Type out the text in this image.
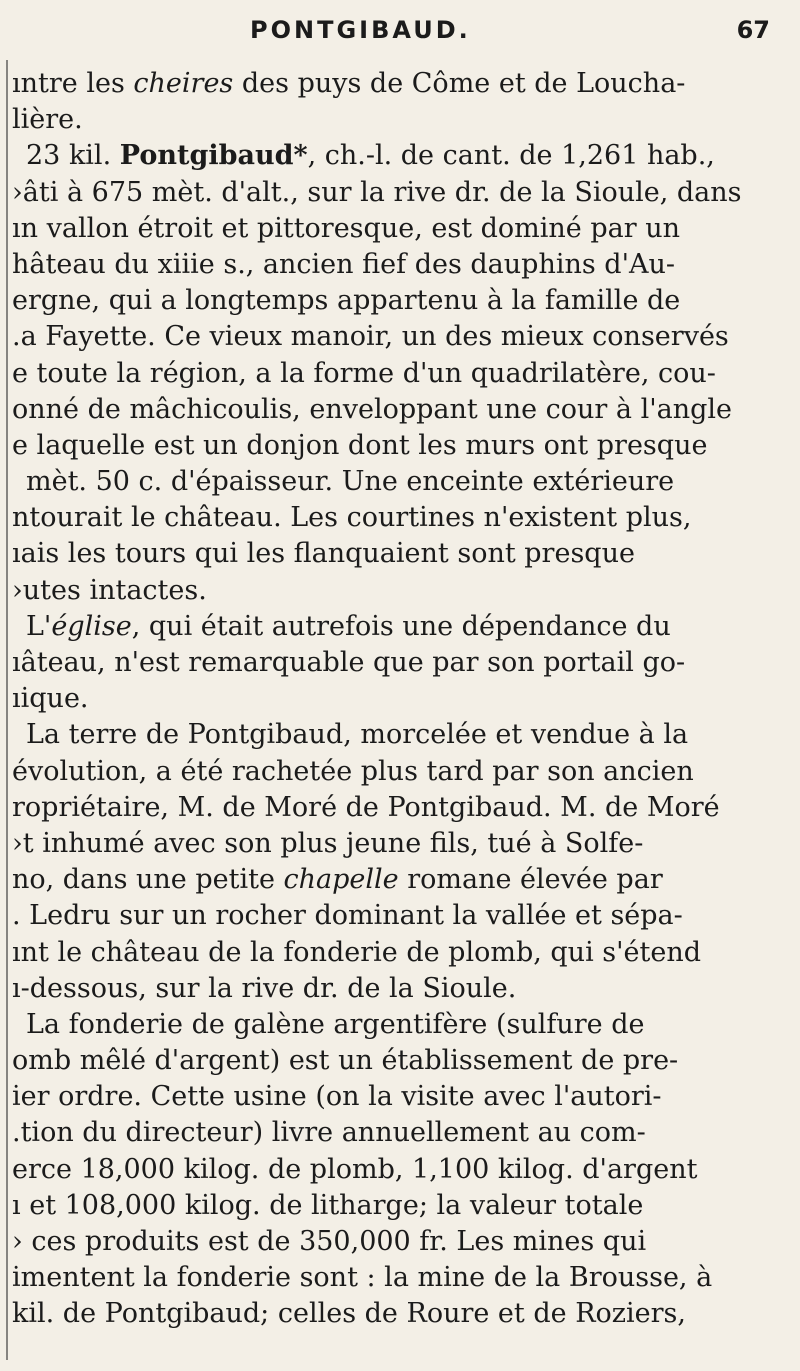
PONTGIBAUD.	67
ıntre les cheires des puys de Côme et de Loucha-
lière.
23 kil. Pontgibaud*, ch.-l. de cant. de 1,261 hab.,
›âti à 675 mèt. d'alt., sur la rive dr. de la Sioule, dans
ın vallon étroit et pittoresque, est dominé par un
hâteau du xiiie s., ancien fief des dauphins d'Au-
ergne, qui a longtemps appartenu à la famille de
.a Fayette. Ce vieux manoir, un des mieux conservés
e toute la région, a la forme d'un quadrilatère, cou-
onné de mâchicoulis, enveloppant une cour à l'angle
e laquelle est un donjon dont les murs ont presque
mèt. 50 c. d'épaisseur. Une enceinte extérieure
ntourait le château. Les courtines n'existent plus,
ıais les tours qui les flanquaient sont presque
›utes intactes.
L'église, qui était autrefois une dépendance du
ıâteau, n'est remarquable que par son portail go-
ıique.
La terre de Pontgibaud, morcelée et vendue à la
évolution, a été rachetée plus tard par son ancien
ropriétaire, M. de Moré de Pontgibaud. M. de Moré
›t inhumé avec son plus jeune fils, tué à Solfe-
no, dans une petite chapelle romane élevée par
. Ledru sur un rocher dominant la vallée et sépa-
ınt le château de la fonderie de plomb, qui s'étend
ı-dessous, sur la rive dr. de la Sioule.
La fonderie de galène argentifère (sulfure de
omb mêlé d'argent) est un établissement de pre-
ier ordre. Cette usine (on la visite avec l'autori-
.tion du directeur) livre annuellement au com-
erce 18,000 kilog. de plomb, 1,100 kilog. d'argent
ı et 108,000 kilog. de litharge; la valeur totale
› ces produits est de 350,000 fr. Les mines qui
imentent la fonderie sont : la mine de la Brousse, à
kil. de Pontgibaud; celles de Roure et de Roziers,
